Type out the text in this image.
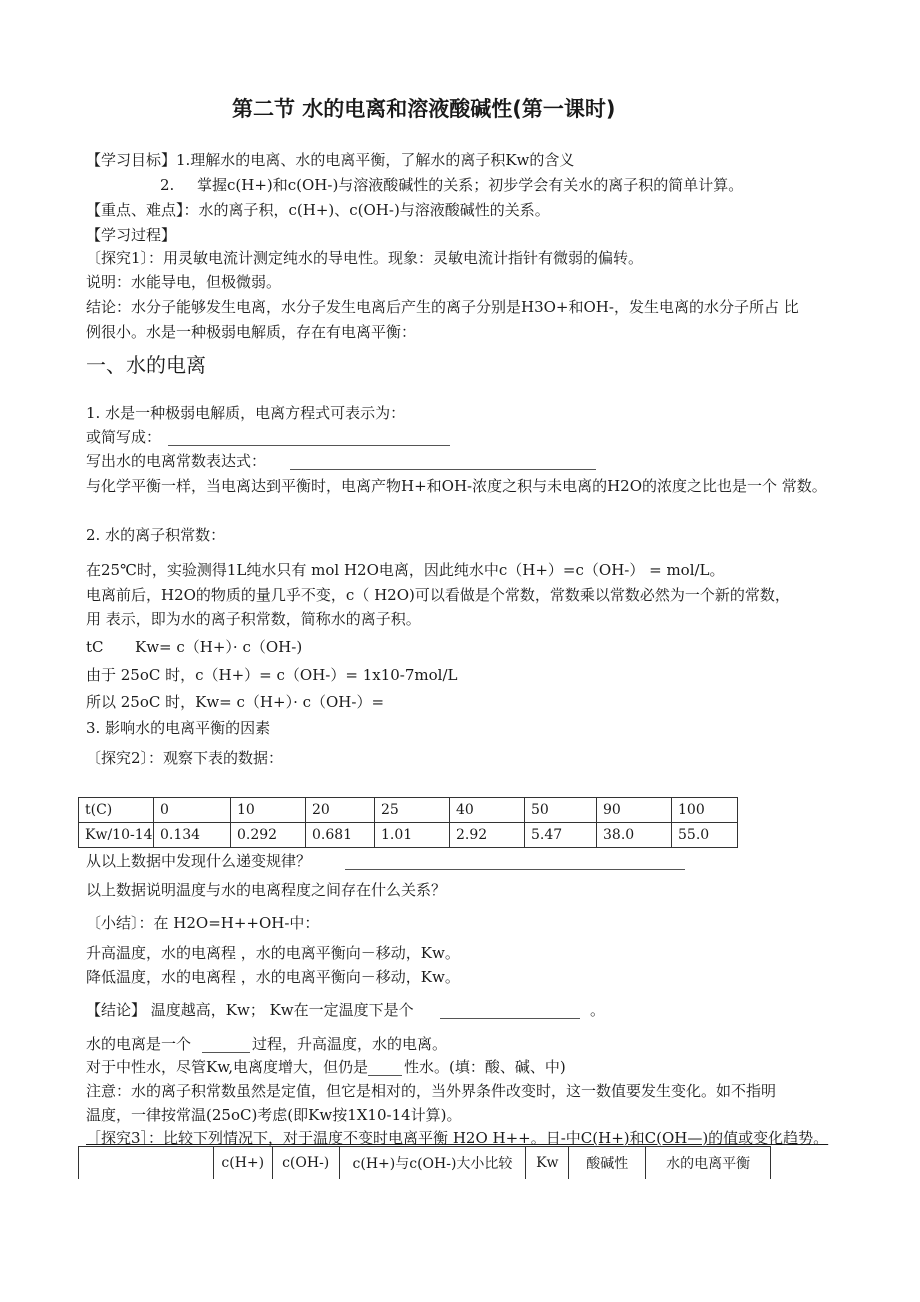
第二节 水的电离和溶液酸碱性(第一课时)
【学习目标】1.理解水的电离、水的电离平衡，了解水的离子积Kw的含义
2. 掌握c(H+)和c(OH-)与溶液酸碱性的关系；初步学会有关水的离子积的简单计算。
【重点、难点】：水的离子积，c(H+)、c(OH-)与溶液酸碱性的关系。
【学习过程】
〔探究1〕：用灵敏电流计测定纯水的导电性。现象：灵敏电流计指针有微弱的偏转。
说明：水能导电，但极微弱。
结论：水分子能够发生电离，水分子发生电离后产生的离子分别是H3O+和OH-，发生电离的水分子所占 比
例很小。水是一种极弱电解质，存在有电离平衡：
一、水的电离
1. 水是一种极弱电解质，电离方程式可表示为：
或简写成：
写出水的电离常数表达式：
与化学平衡一样，当电离达到平衡时，电离产物H+和OH-浓度之积与未电离的H2O的浓度之比也是一个 常数。
2. 水的离子积常数：
在25℃时，实验测得1L纯水只有 mol H2O电离，因此纯水中c（H+）=c（OH-） = mol/L。
电离前后，H2O的物质的量几乎不变，c（ H2O)可以看做是个常数，常数乘以常数必然为一个新的常数，
用 表示，即为水的离子积常数，简称水的离子积。
tC Kw= c（H+）· c（OH-)
由于 25oC 时，c（H+）= c（OH-）= 1x10-7mol/L
所以 25oC 时，Kw= c（H+）· c（OH-）=
3. 影响水的电离平衡的因素
〔探究2〕：观察下表的数据：
t(C)	0	10	20	25	40	50	90	100
Kw/10-14	0.134	0.292	0.681	1.01	2.92	5.47	38.0	55.0
从以上数据中发现什么递变规律？
以上数据说明温度与水的电离程度之间存在什么关系？
〔小结〕：在 H2O=H++OH-中：
升高温度，水的电离程 ，水的电离平衡向－移动，Kw。
降低温度，水的电离程 ，水的电离平衡向－移动，Kw。
【结论】 温度越高，Kw； Kw在一定温度下是个	。
水的电离是一个	过程，升高温度，水的电离。
对于中性水，尽管Kw,电离度增大，但仍是 性水。(填：酸、碱、中)
注意：水的离子积常数虽然是定值，但它是相对的，当外界条件改变时，这一数值要发生变化。如不指明
温度，一律按常温(25oC)考虑(即Kw按1X10-14计算)。
［探究3］：比较下列情况下，对于温度不变时电离平衡 H2O H++。日-中C(H+)和C(OH—)的值或变化趋势。
c(H+)	c(OH-)	c(H+)与c(OH-)大小比较	Kw	酸碱性	水的电离平衡
